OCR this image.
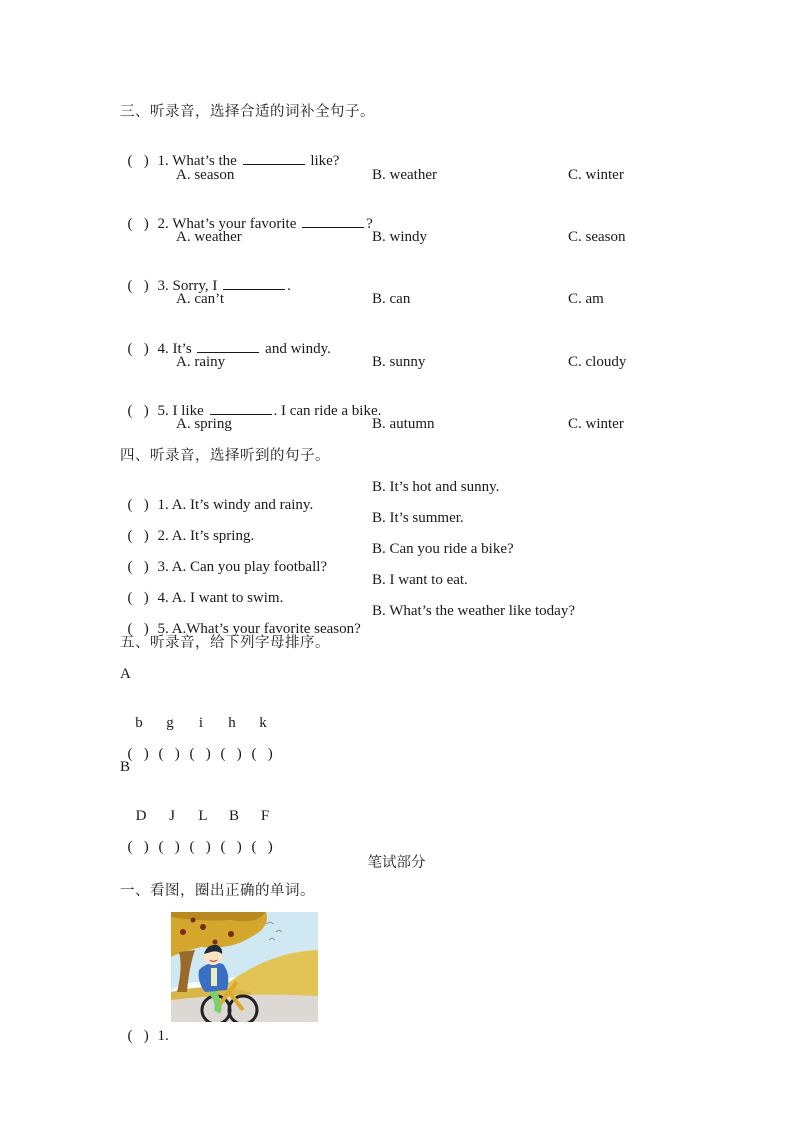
三、听录音，选择合适的词补全句子。

( ) 1. What’s the	like?

A. season	B. weather	C. winter

( ) 2. What’s your favorite	?

A. weather	B. windy	C. season

( ) 3. Sorry, I	.

A. can’t	B. can	C. am

( ) 4. It’s	and windy.

A. rainy	B. sunny	C. cloudy

( ) 5. I like	. I can ride a bike.

A. spring	B. autumn	C. winter
四、听录音，选择听到的句子。

( ) 1. A. It’s windy and rainy.

B. It’s hot and sunny.

( ) 2. A. It’s spring.

B. It’s summer.

( ) 3. A. Can you play football?

B. Can you ride a bike?

( ) 4. A. I want to swim.

B. I want to eat.

( ) 5. A.What’s your favorite season?

B. What’s the weather like today?
五、听录音，给下列字母排序。
A

b g i h k

(   ) (   ) (   ) (   ) (   )

B

D J L B F

(   ) (   ) (   ) (   ) (   )

笔试部分
一、看图，圈出正确的单词。

( ) 1.
